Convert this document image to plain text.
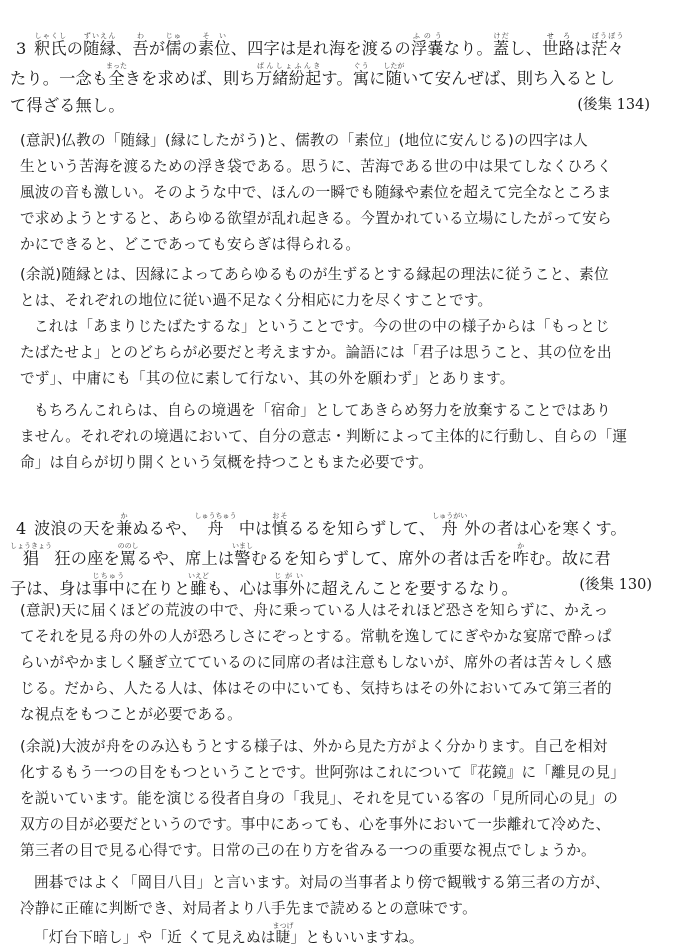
3 釈氏しゃくしの随縁ずいえん、吾わが儒じゅの素位そい、四字は是れ海を渡るの浮嚢ふのうなり。蓋けだし、世路せろは茫々ぼうぼう

たり。一念も全まったきを求めば、則ち万緒紛起ばんしょふんきす。寓ぐうに随したがいて安んぜば、則ち入るとし

て得ざる無し。	(後集 134)

(意訳)仏教の「随縁」(縁にしたがう)と、儒教の「素位」(地位に安んじる)の四字は人

生という苦海を渡るための浮き袋である。思うに、苦海である世の中は果てしなくひろく

風波の音も激しい。そのような中で、ほんの一瞬でも随縁や素位を超えて完全なところま

で求めようとすると、あらゆる欲望が乱れ起きる。今置かれている立場にしたがって安ら

かにできると、どこであっても安らぎは得られる。

(余説)随縁とは、因縁によってあらゆるものが生ずるとする縁起の理法に従うこと、素位

とは、それぞれの地位に従い過不足なく分相応に力を尽くすことです。

これは「あまりじたばたするな」ということです。今の世の中の様子からは「もっとじ

たばたせよ」とのどちらが必要だと考えますか。論語には「君子は思うこと、其の位を出

でず」、中庸にも「其の位に素して行ない、其の外を願わず」とあります。

もちろんこれらは、自らの境遇を「宿命」としてあきらめ努力を放棄することではあり

ません。それぞれの境遇において、自分の意志・判断によって主体的に行動し、自らの「運

命」は自らが切り開くという気概を持つこともまた必要です。

4 波浪の天を兼かぬるや、舟しゅうちゅう 中は慎おそるるを知らずして、舟しゅうがい外の者は心を寒くす。

猖しょうきょう 狂の座を罵ののしるや、席上は警いましむるを知らずして、席外の者は舌を咋かむ。故に君

子は、身は事中じちゅうに在りと雖いえども、心は事外じがいに超えんことを要するなり。	(後集 130)

(意訳)天に届くほどの荒波の中で、舟に乗っている人はそれほど恐さを知らずに、かえっ

てそれを見る舟の外の人が恐ろしさにぞっとする。常軌を逸してにぎやかな宴席で酔っぱ

らいがやかましく騒ぎ立てているのに同席の者は注意もしないが、席外の者は苦々しく感

じる。だから、人たる人は、体はその中にいても、気持ちはその外においてみて第三者的

な視点をもつことが必要である。

(余説)大波が舟をのみ込もうとする様子は、外から見た方がよく分かります。自己を相対

化するもう一つの目をもつということです。世阿弥はこれについて『花鏡』に「離見の見」

を説いています。能を演じる役者自身の「我見」、それを見ている客の「見所同心の見」の

双方の目が必要だというのです。事中にあっても、心を事外において一歩離れて冷めた、

第三者の目で見る心得です。日常の己の在り方を省みる一つの重要な視点でしょうか。

囲碁ではよく「岡目八目」と言います。対局の当事者より傍で観戦する第三者の方が、

冷静に正確に判断でき、対局者より八手先まで読めるとの意味です。

「灯台下暗し」や「近 くて見えぬは睫まつげ」ともいいますね。
